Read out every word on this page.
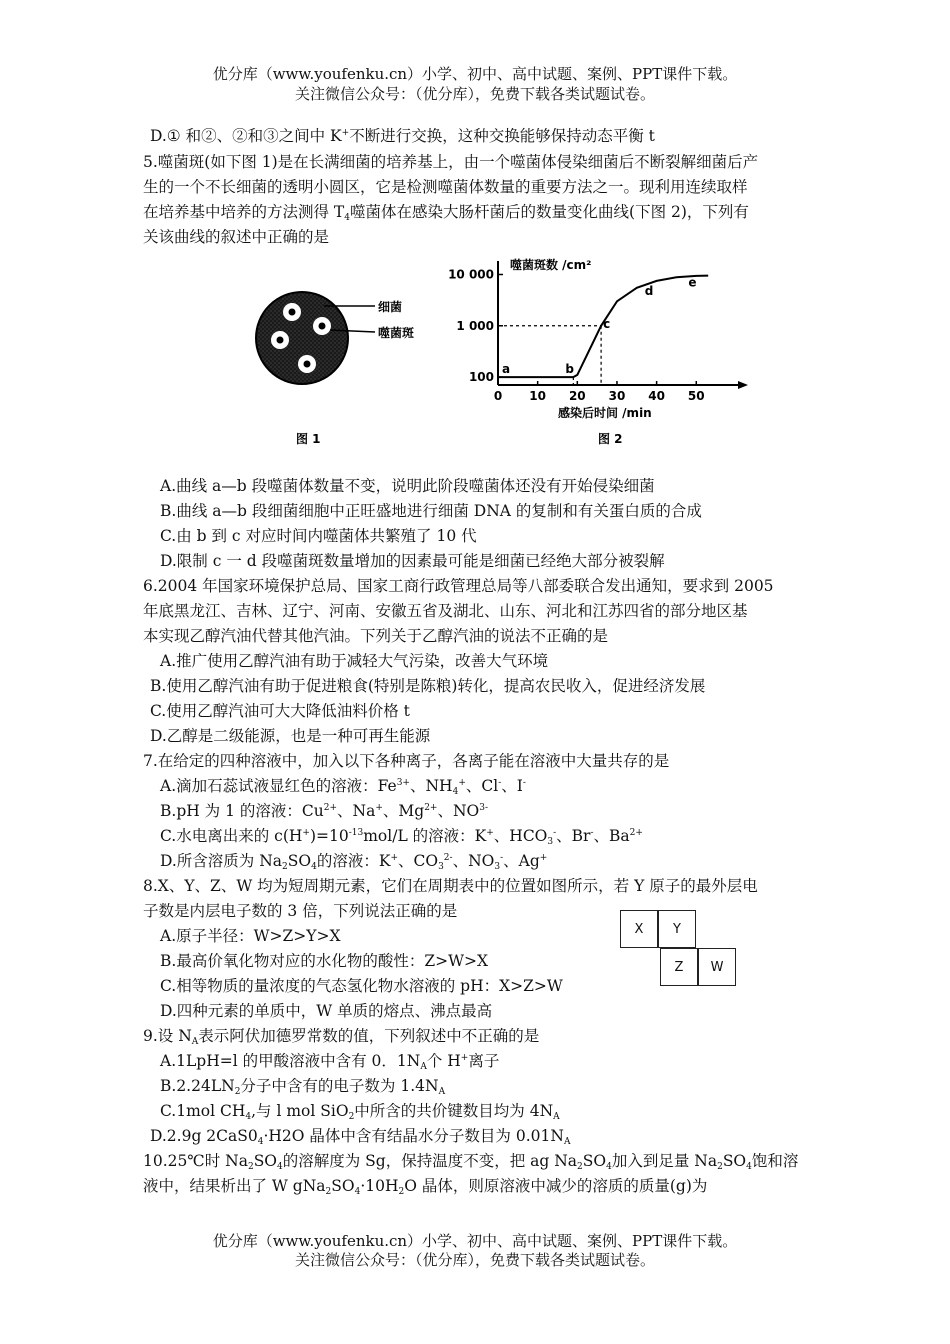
优分库（www.youfenku.cn）小学、初中、高中试题、案例、PPT课件下载。
关注微信公众号：（优分库），免费下载各类试题试卷。
D.① 和②、②和③之间中 K+不断进行交换，这种交换能够保持动态平衡 t
5.噬菌斑(如下图 1)是在长满细菌的培养基上，由一个噬菌体侵染细菌后不断裂解细菌后产
生的一个不长细菌的透明小圆区，它是检测噬菌体数量的重要方法之一。现利用连续取样
在培养基中培养的方法测得 $T_4$噬菌体在感染大肠杆菌后的数量变化曲线(下图 2)，下列有
关该曲线的叙述中正确的是
细菌
噬菌斑
图 1
0 10 20 30 40 50
100
1 000
10 000
a	b
c
d
e
噬菌斑数 /cm²
感染后时间 /min
图 2
A.曲线 a—b 段噬菌体数量不变，说明此阶段噬菌体还没有开始侵染细菌
B.曲线 a—b 段细菌细胞中正旺盛地进行细菌 DNA 的复制和有关蛋白质的合成
C.由 b 到 c 对应时间内噬菌体共繁殖了 10 代
D.限制 c 一 d 段噬菌斑数量增加的因素最可能是细菌已经绝大部分被裂解
6.2004 年国家环境保护总局、国家工商行政管理总局等八部委联合发出通知，要求到 2005
年底黑龙江、吉林、辽宁、河南、安徽五省及湖北、山东、河北和江苏四省的部分地区基
本实现乙醇汽油代替其他汽油。下列关于乙醇汽油的说法不正确的是
A.推广使用乙醇汽油有助于减轻大气污染，改善大气环境
B.使用乙醇汽油有助于促进粮食(特别是陈粮)转化，提高农民收入，促进经济发展
C.使用乙醇汽油可大大降低油料价格 t
D.乙醇是二级能源，也是一种可再生能源
7.在给定的四种溶液中，加入以下各种离子，各离子能在溶液中大量共存的是
A.滴加石蕊试液显红色的溶液：$Fe^{3+}$、$NH_4^+$、Cl-、I-
B.pH 为 1 的溶液：$Cu^{2+}$、Na+、$Mg^{2+}$、$NO^{3-}$
C.水电离出来的 $c(H^+)=10^{-13}mol/L$ 的溶液：K+、$HCO_3^-$、Br-、$Ba^{2+}$
D.所含溶质为 $Na_2SO_4$的溶液：K+、$CO_3^{2-}$、$NO_3^-$、Ag+
8.X、Y、Z、W 均为短周期元素，它们在周期表中的位置如图所示，若 Y 原子的最外层电
子数是内层电子数的 3 倍，下列说法正确的是
A.原子半径：W>Z>Y>X
B.最高价氧化物对应的水化物的酸性：Z>W>X
C.相等物质的量浓度的气态氢化物水溶液的 pH：X>Z>W
D.四种元素的单质中，W 单质的熔点、沸点最高
X	Y
Z	W
9.设 $N_A$表示阿伏加德罗常数的值，下列叙述中不正确的是
A.1LpH=l 的甲酸溶液中含有 0．$1N_A$个 H+离子
$B.2.24LN_2$分子中含有的电子数为 $1.4N_A$
C.1mol $CH_4$,与 l mol SiO$_2$中所含的共价键数目均为 $4N_A$
D.2.9g $2CaS0_4\cdot H2O$ 晶体中含有结晶水分子数目为 $0.01N_A$
10.25℃时 $Na_2SO_4$的溶解度为 Sg，保持温度不变，把 ag $Na_2SO_4$加入到足量 $Na_2SO_4$饱和溶
液中，结果析出了 W $gNa_2SO_4\cdot 10H_2O$ 晶体，则原溶液中减少的溶质的质量(g)为
优分库（www.youfenku.cn）小学、初中、高中试题、案例、PPT课件下载。
关注微信公众号：（优分库），免费下载各类试题试卷。
